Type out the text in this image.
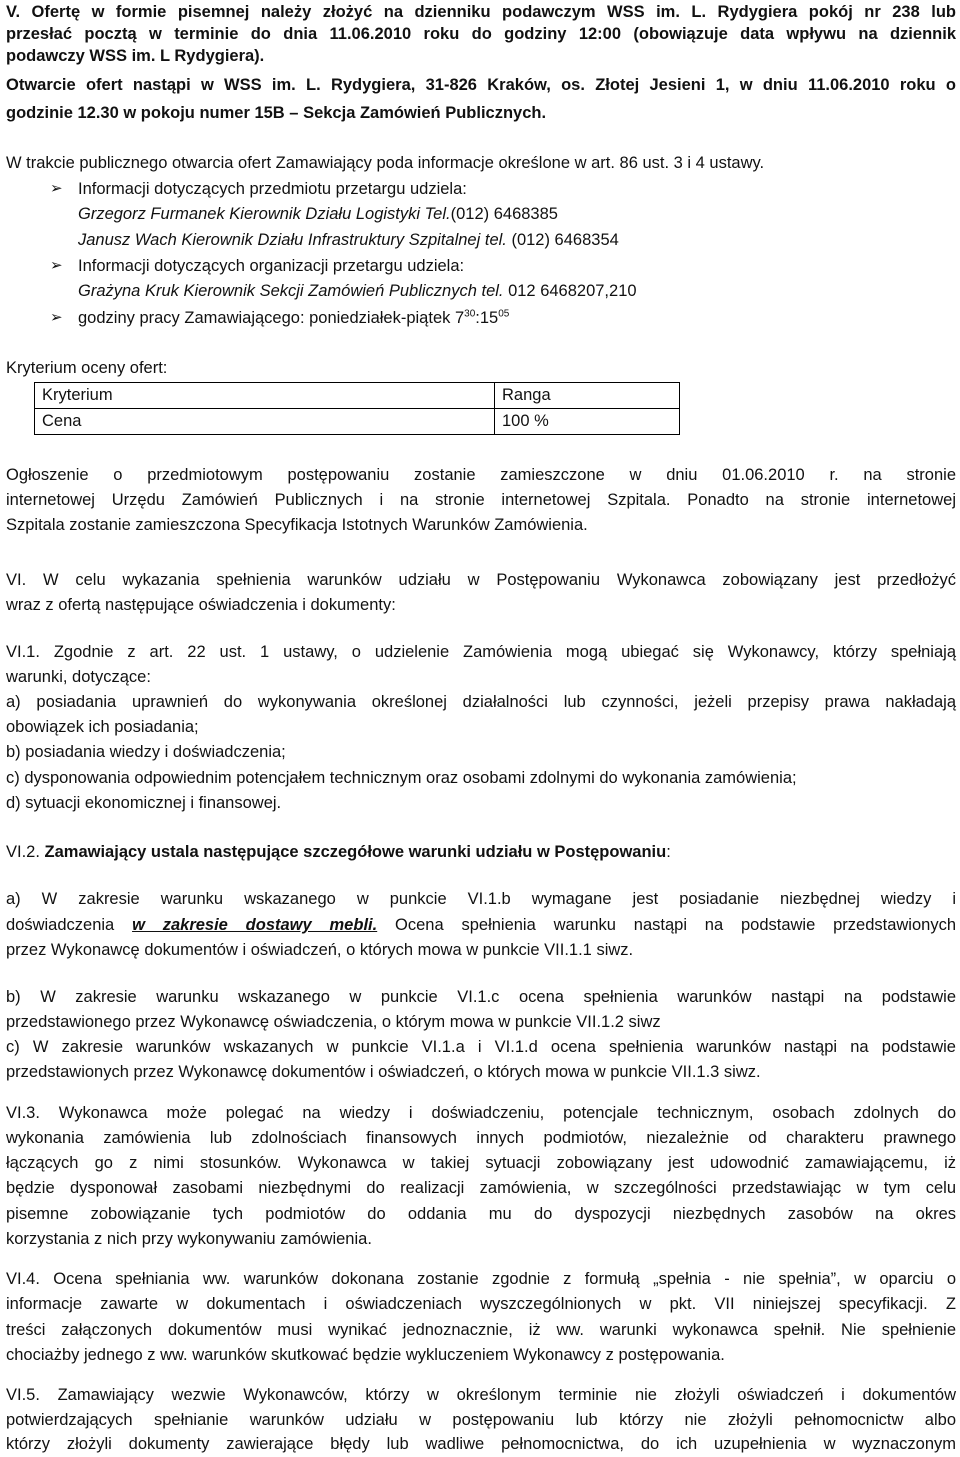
V. Ofertę w formie pisemnej należy złożyć na dzienniku podawczym WSS im. L. Rydygiera pokój nr 238 lub
przesłać pocztą w terminie do dnia 11.06.2010 roku do godziny 12:00 (obowiązuje data wpływu na dziennik
podawczy WSS im. L Rydygiera).
Otwarcie ofert nastąpi w WSS im. L. Rydygiera, 31-826 Kraków, os. Złotej Jesieni 1, w dniu 11.06.2010 roku o
godzinie 12.30 w pokoju numer 15B – Sekcja Zamówień Publicznych.
W trakcie publicznego otwarcia ofert Zamawiający poda informacje określone w art. 86 ust. 3 i 4 ustawy.
➢ Informacji dotyczących przedmiotu przetargu udziela:
Grzegorz Furmanek Kierownik Działu Logistyki Tel.(012) 6468385
Janusz Wach Kierownik Działu Infrastruktury Szpitalnej tel. (012) 6468354
➢ Informacji dotyczących organizacji przetargu udziela:
Grażyna Kruk Kierownik Sekcji Zamówień Publicznych tel. 012 6468207,210
➢ godziny pracy Zamawiającego: poniedziałek-piątek $7^{30}:15^{05}$
Kryterium oceny ofert:
Kryterium	Ranga
Cena	100 %
Ogłoszenie o przedmiotowym postępowaniu zostanie zamieszczone w dniu 01.06.2010 r. na stronie
internetowej Urzędu Zamówień Publicznych i na stronie internetowej Szpitala. Ponadto na stronie internetowej
Szpitala zostanie zamieszczona Specyfikacja Istotnych Warunków Zamówienia.
VI. W celu wykazania spełnienia warunków udziału w Postępowaniu Wykonawca zobowiązany jest przedłożyć
wraz z ofertą następujące oświadczenia i dokumenty:
VI.1. Zgodnie z art. 22 ust. 1 ustawy, o udzielenie Zamówienia mogą ubiegać się Wykonawcy, którzy spełniają
warunki, dotyczące:
a) posiadania uprawnień do wykonywania określonej działalności lub czynności, jeżeli przepisy prawa nakładają
obowiązek ich posiadania;
b) posiadania wiedzy i doświadczenia;
c) dysponowania odpowiednim potencjałem technicznym oraz osobami zdolnymi do wykonania zamówienia;
d) sytuacji ekonomicznej i finansowej.
VI.2. Zamawiający ustala następujące szczegółowe warunki udziału w Postępowaniu:
a) W zakresie warunku wskazanego w punkcie VI.1.b wymagane jest posiadanie niezbędnej wiedzy i
doświadczenia w zakresie dostawy mebli. Ocena spełnienia warunku nastąpi na podstawie przedstawionych
przez Wykonawcę dokumentów i oświadczeń, o których mowa w punkcie VII.1.1 siwz.
b) W zakresie warunku wskazanego w punkcie VI.1.c ocena spełnienia warunków nastąpi na podstawie
przedstawionego przez Wykonawcę oświadczenia, o którym mowa w punkcie VII.1.2 siwz
c) W zakresie warunków wskazanych w punkcie VI.1.a i VI.1.d ocena spełnienia warunków nastąpi na podstawie
przedstawionych przez Wykonawcę dokumentów i oświadczeń, o których mowa w punkcie VII.1.3 siwz.
VI.3. Wykonawca może polegać na wiedzy i doświadczeniu, potencjale technicznym, osobach zdolnych do
wykonania zamówienia lub zdolnościach finansowych innych podmiotów, niezależnie od charakteru prawnego
łączących go z nimi stosunków. Wykonawca w takiej sytuacji zobowiązany jest udowodnić zamawiającemu, iż
będzie dysponował zasobami niezbędnymi do realizacji zamówienia, w szczególności przedstawiając w tym celu
pisemne zobowiązanie tych podmiotów do oddania mu do dyspozycji niezbędnych zasobów na okres
korzystania z nich przy wykonywaniu zamówienia.
VI.4. Ocena spełniania ww. warunków dokonana zostanie zgodnie z formułą „spełnia - nie spełnia”, w oparciu o
informacje zawarte w dokumentach i oświadczeniach wyszczególnionych w pkt. VII niniejszej specyfikacji. Z
treści załączonych dokumentów musi wynikać jednoznacznie, iż ww. warunki wykonawca spełnił. Nie spełnienie
chociażby jednego z ww. warunków skutkować będzie wykluczeniem Wykonawcy z postępowania.
VI.5. Zamawiający wezwie Wykonawców, którzy w określonym terminie nie złożyli oświadczeń i dokumentów
potwierdzających spełnianie warunków udziału w postępowaniu lub którzy nie złożyli pełnomocnictw albo
którzy złożyli dokumenty zawierające błędy lub wadliwe pełnomocnictwa, do ich uzupełnienia w wyznaczonym
